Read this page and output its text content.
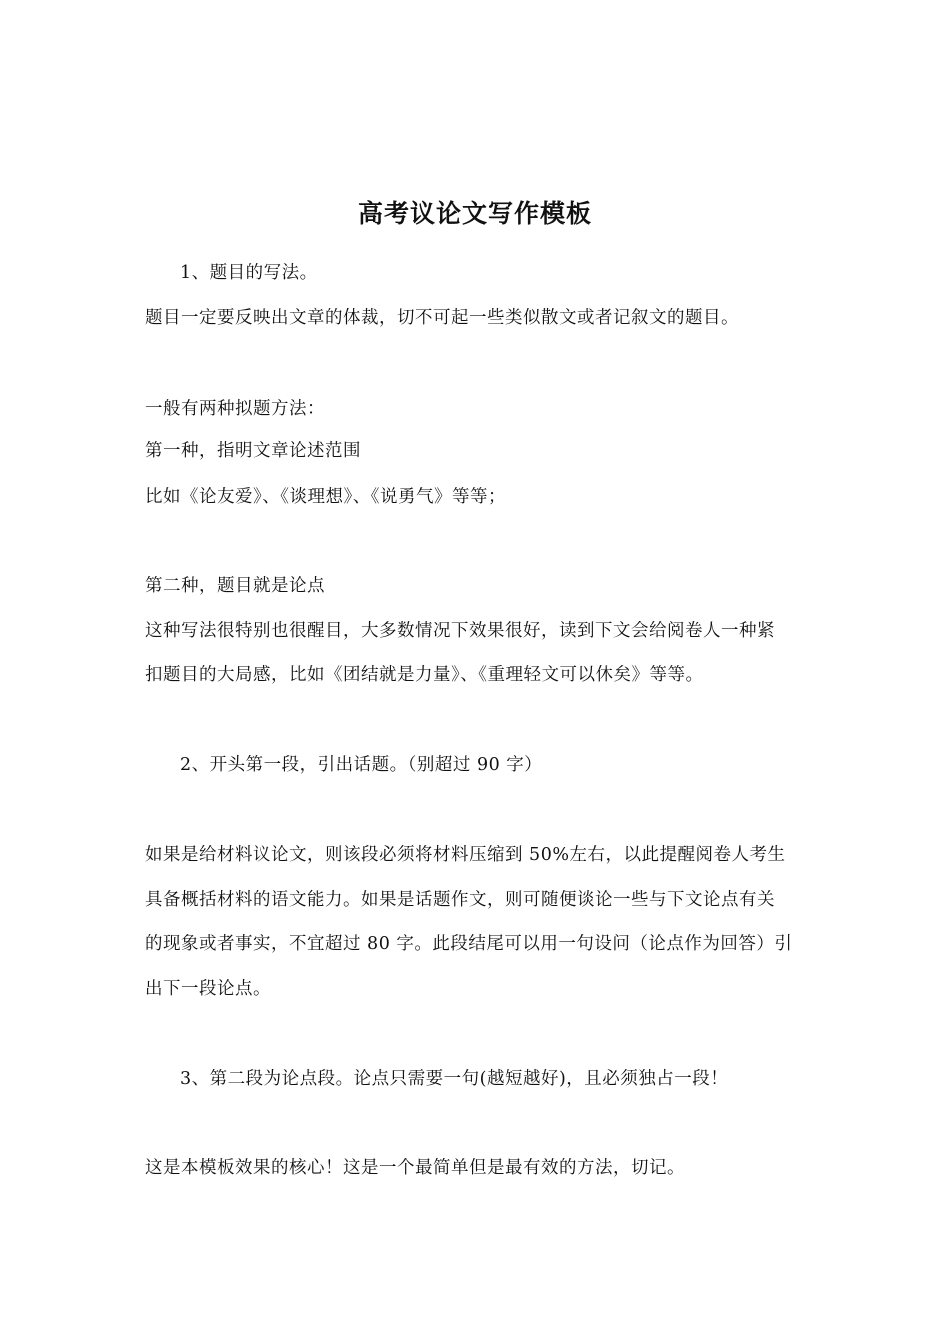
高考议论文写作模板
1、题目的写法。
题目一定要反映出文章的体裁，切不可起一些类似散文或者记叙文的题目。
一般有两种拟题方法：
第一种，指明文章论述范围
比如《论友爱》、《谈理想》、《说勇气》等等；
第二种，题目就是论点
这种写法很特别也很醒目，大多数情况下效果很好，读到下文会给阅卷人一种紧
扣题目的大局感，比如《团结就是力量》、《重理轻文可以休矣》等等。
2、开头第一段，引出话题。（别超过 90 字）
如果是给材料议论文，则该段必须将材料压缩到 50%左右，以此提醒阅卷人考生
具备概括材料的语文能力。如果是话题作文，则可随便谈论一些与下文论点有关
的现象或者事实，不宜超过 80 字。此段结尾可以用一句设问（论点作为回答）引
出下一段论点。
3、第二段为论点段。论点只需要一句(越短越好)，且必须独占一段！
这是本模板效果的核心！这是一个最简单但是最有效的方法，切记。
